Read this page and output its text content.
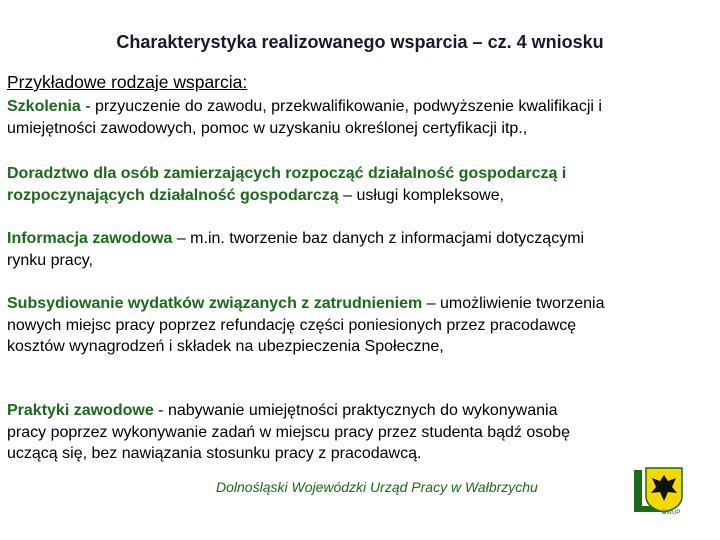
Charakterystyka realizowanego wsparcia – cz. 4 wniosku

Przykładowe rodzaje wsparcia:

Szkolenia - przyuczenie do zawodu, przekwalifikowanie, podwyższenie kwalifikacji i umiejętności zawodowych, pomoc w uzyskaniu określonej certyfikacji itp.,

Doradztwo dla osób zamierzających rozpocząć działalność gospodarczą i rozpoczynających działalność gospodarczą – usługi kompleksowe,

Informacja zawodowa – m.in. tworzenie baz danych z informacjami dotyczącymi rynku pracy,

Subsydiowanie wydatków związanych z zatrudnieniem – umożliwienie tworzenia nowych miejsc pracy poprzez refundację części poniesionych przez pracodawcę kosztów wynagrodzeń i składek na ubezpieczenia Społeczne,

Praktyki zawodowe - nabywanie umiejętności praktycznych do wykonywania pracy poprzez wykonywanie zadań w miejscu pracy przez studenta bądź osobę uczącą się, bez nawiązania stosunku pracy z pracodawcą.

Dolnośląski Wojewódzki Urząd Pracy w Wałbrzychu

DWUP
